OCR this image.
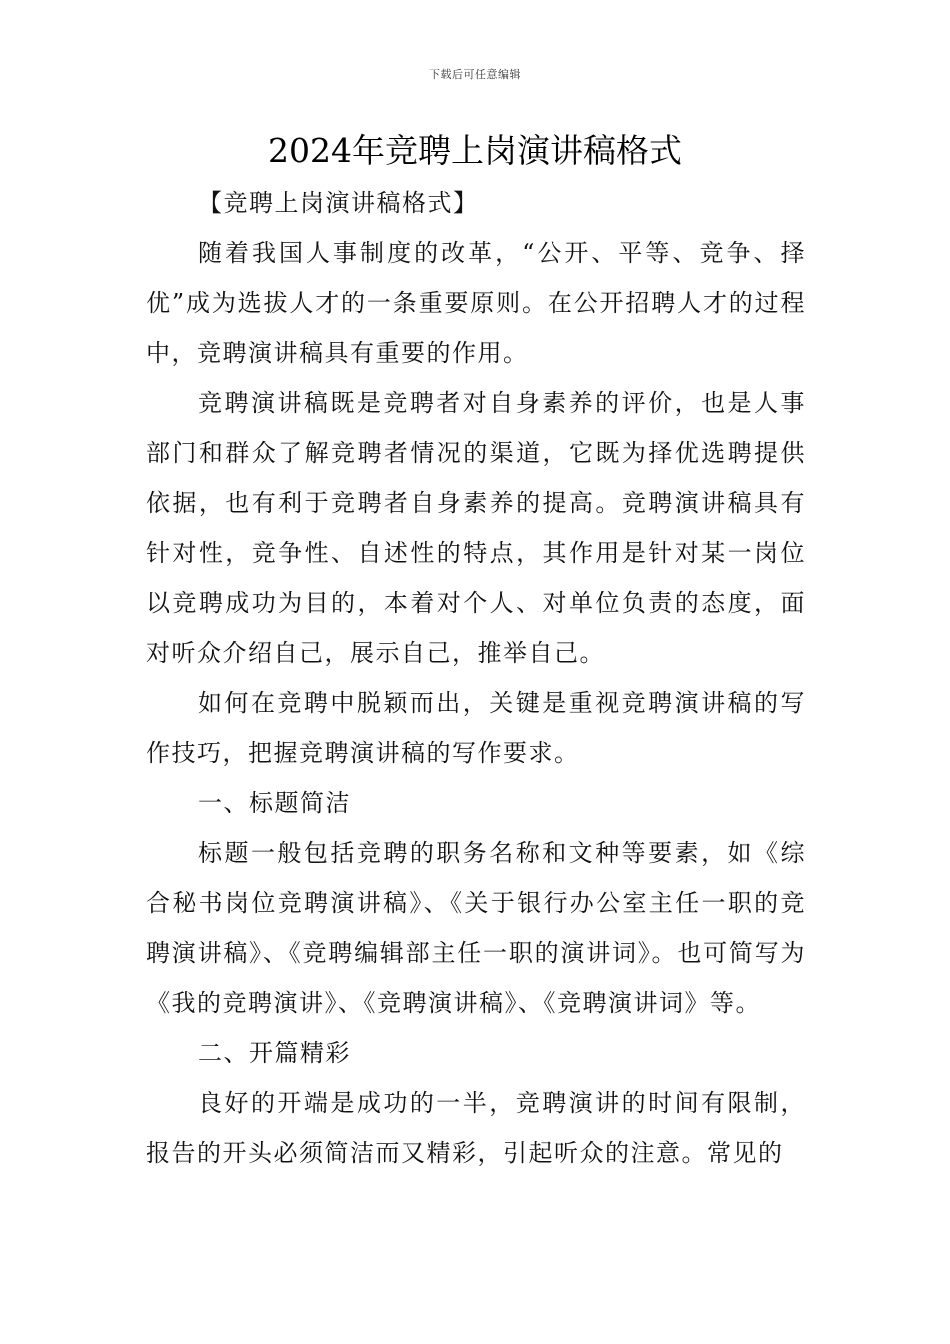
下载后可任意编辑
2024年竞聘上岗演讲稿格式

【竞聘上岗演讲稿格式】

随着我国人事制度的改革，“公开、平等、竞争、择优”成为选拔人才的一条重要原则。在公开招聘人才的过程中，竞聘演讲稿具有重要的作用。

竞聘演讲稿既是竞聘者对自身素养的评价，也是人事部门和群众了解竞聘者情况的渠道，它既为择优选聘提供依据，也有利于竞聘者自身素养的提高。竞聘演讲稿具有针对性，竞争性、自述性的特点，其作用是针对某一岗位以竞聘成功为目的，本着对个人、对单位负责的态度，面对听众介绍自己，展示自己，推举自己。

如何在竞聘中脱颖而出，关键是重视竞聘演讲稿的写作技巧，把握竞聘演讲稿的写作要求。

一、标题简洁

标题一般包括竞聘的职务名称和文种等要素，如《综合秘书岗位竞聘演讲稿》、《关于银行办公室主任一职的竞聘演讲稿》、《竞聘编辑部主任一职的演讲词》。也可简写为《我的竞聘演讲》、《竞聘演讲稿》、《竞聘演讲词》等。

二、开篇精彩

良好的开端是成功的一半，竞聘演讲的时间有限制，报告的开头必须简洁而又精彩，引起听众的注意。常见的
